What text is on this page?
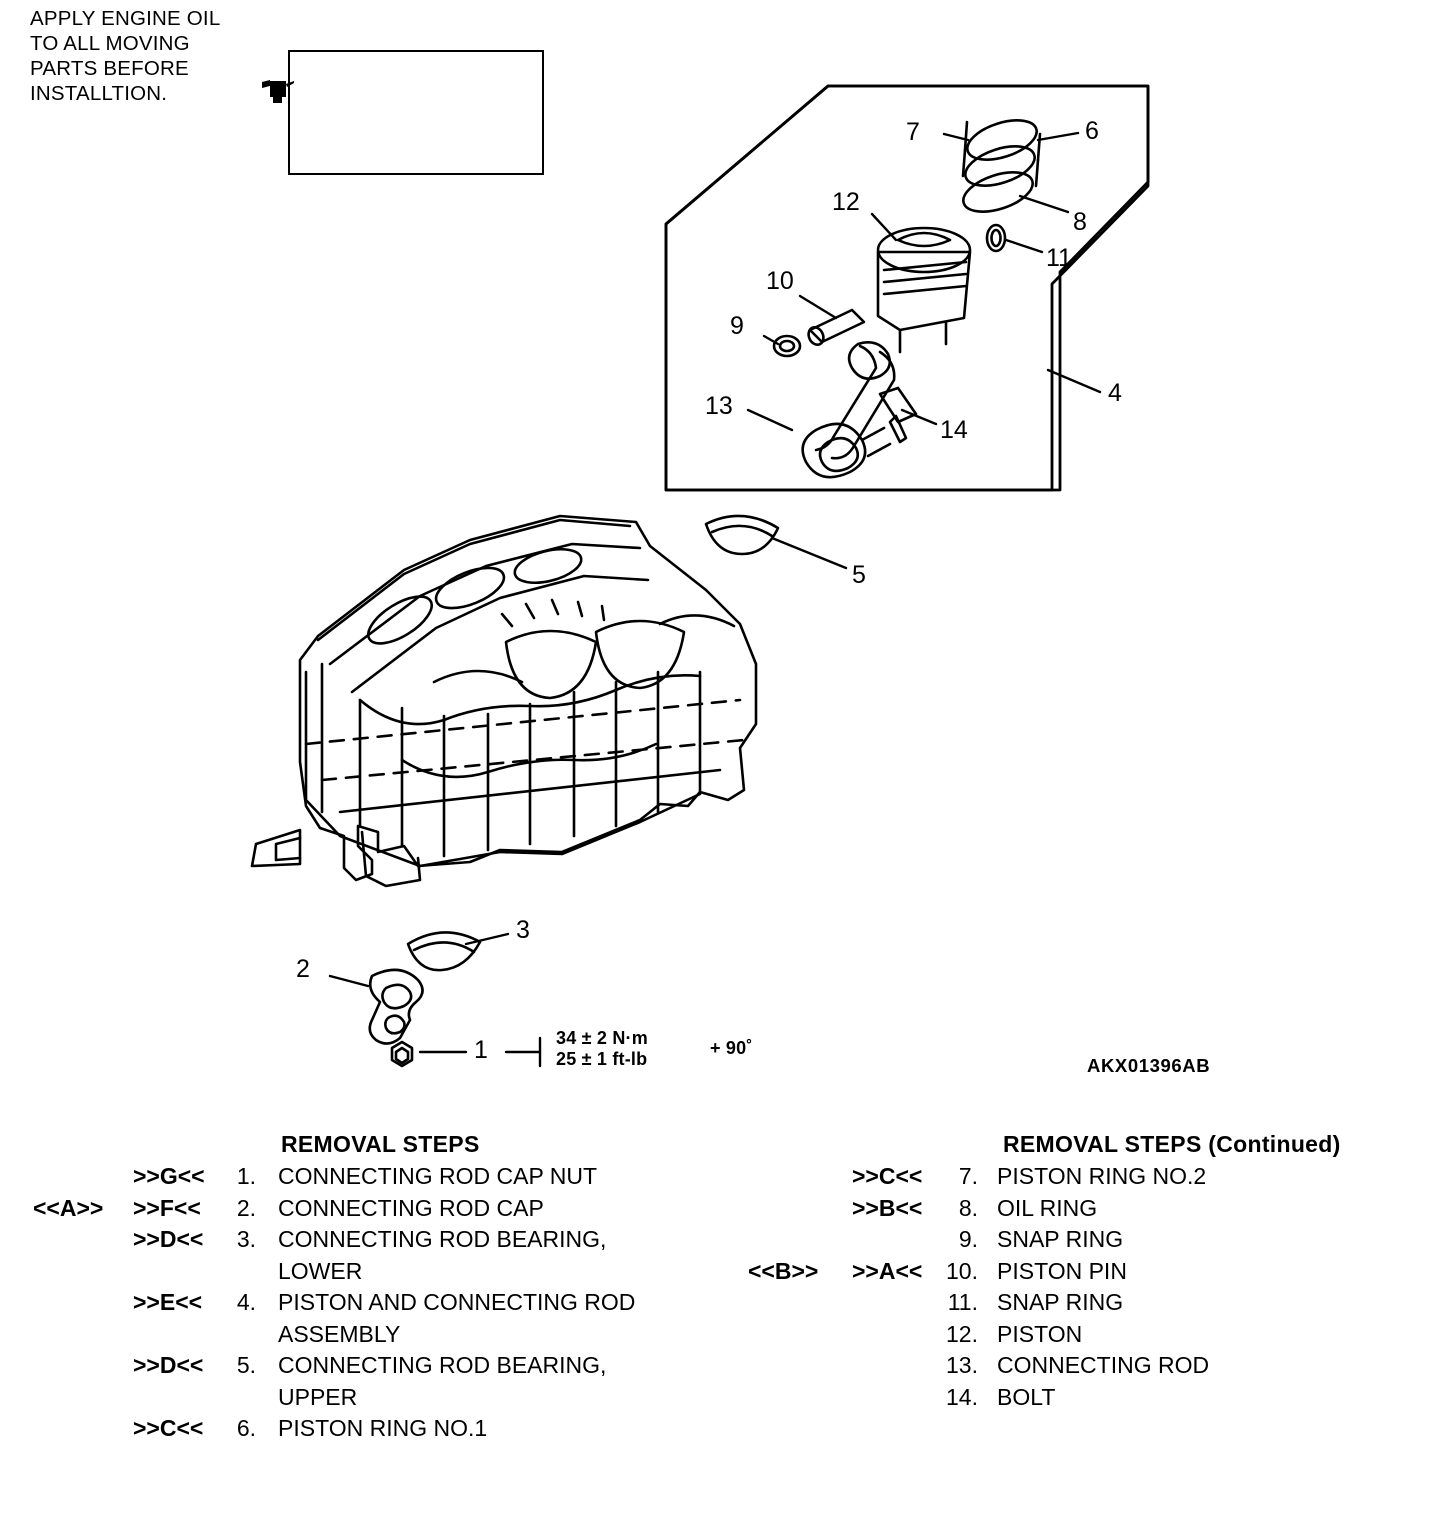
APPLY ENGINE OIL TO ALL MOVING PARTS BEFORE INSTALLTION.
7	6
8
12
11
10
9
4
13
14
5
3
2
1	34 ± 2 N·m
25 ± 1 ft-lb
+ 90˚
AKX01396AB
REMOVAL STEPS
>>G<< 1. CONNECTING ROD CAP NUT
<<A>> >>F<< 2. CONNECTING ROD CAP
>>D<< 3. CONNECTING ROD BEARING,
LOWER
>>E<< 4. PISTON AND CONNECTING ROD
ASSEMBLY
>>D<< 5. CONNECTING ROD BEARING,
UPPER
>>C<< 6. PISTON RING NO.1
REMOVAL STEPS (Continued)
>>C<<	7. PISTON RING NO.2
>>B<<	8. OIL RING
9. SNAP RING
<<B>> >>A<< 10. PISTON PIN
11. SNAP RING
12. PISTON
13. CONNECTING ROD
14. BOLT
